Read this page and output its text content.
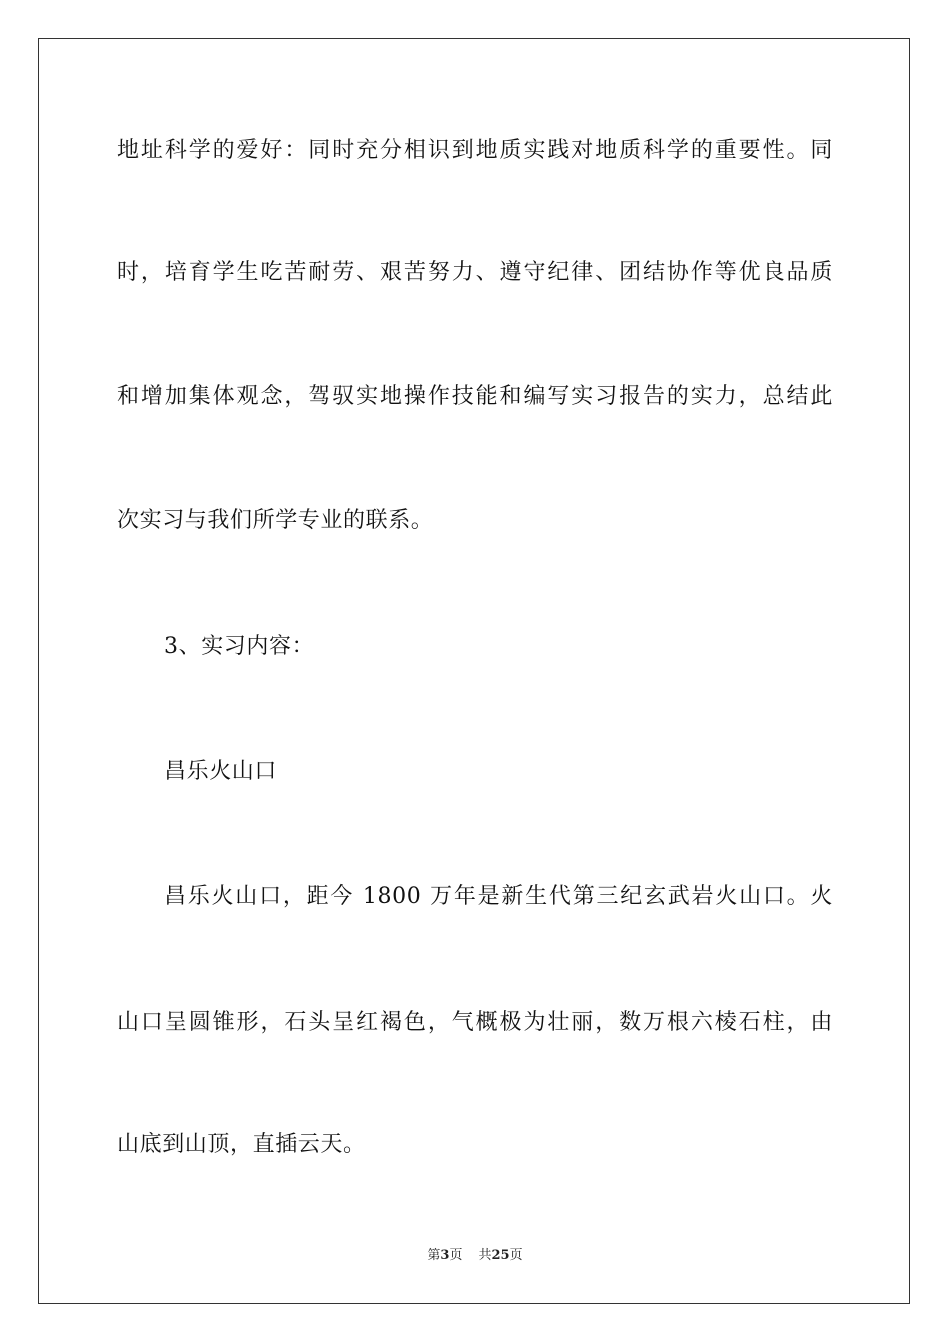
地址科学的爱好：同时充分相识到地质实践对地质科学的重要性。同
时，培育学生吃苦耐劳、艰苦努力、遵守纪律、团结协作等优良品质
和增加集体观念，驾驭实地操作技能和编写实习报告的实力，总结此
次实习与我们所学专业的联系。
3、实习内容：
昌乐火山口
昌乐火山口，距今 1800 万年是新生代第三纪玄武岩火山口。火
山口呈圆锥形，石头呈红褐色，气概极为壮丽，数万根六棱石柱，由
山底到山顶，直插云天。
第3页 共25页
